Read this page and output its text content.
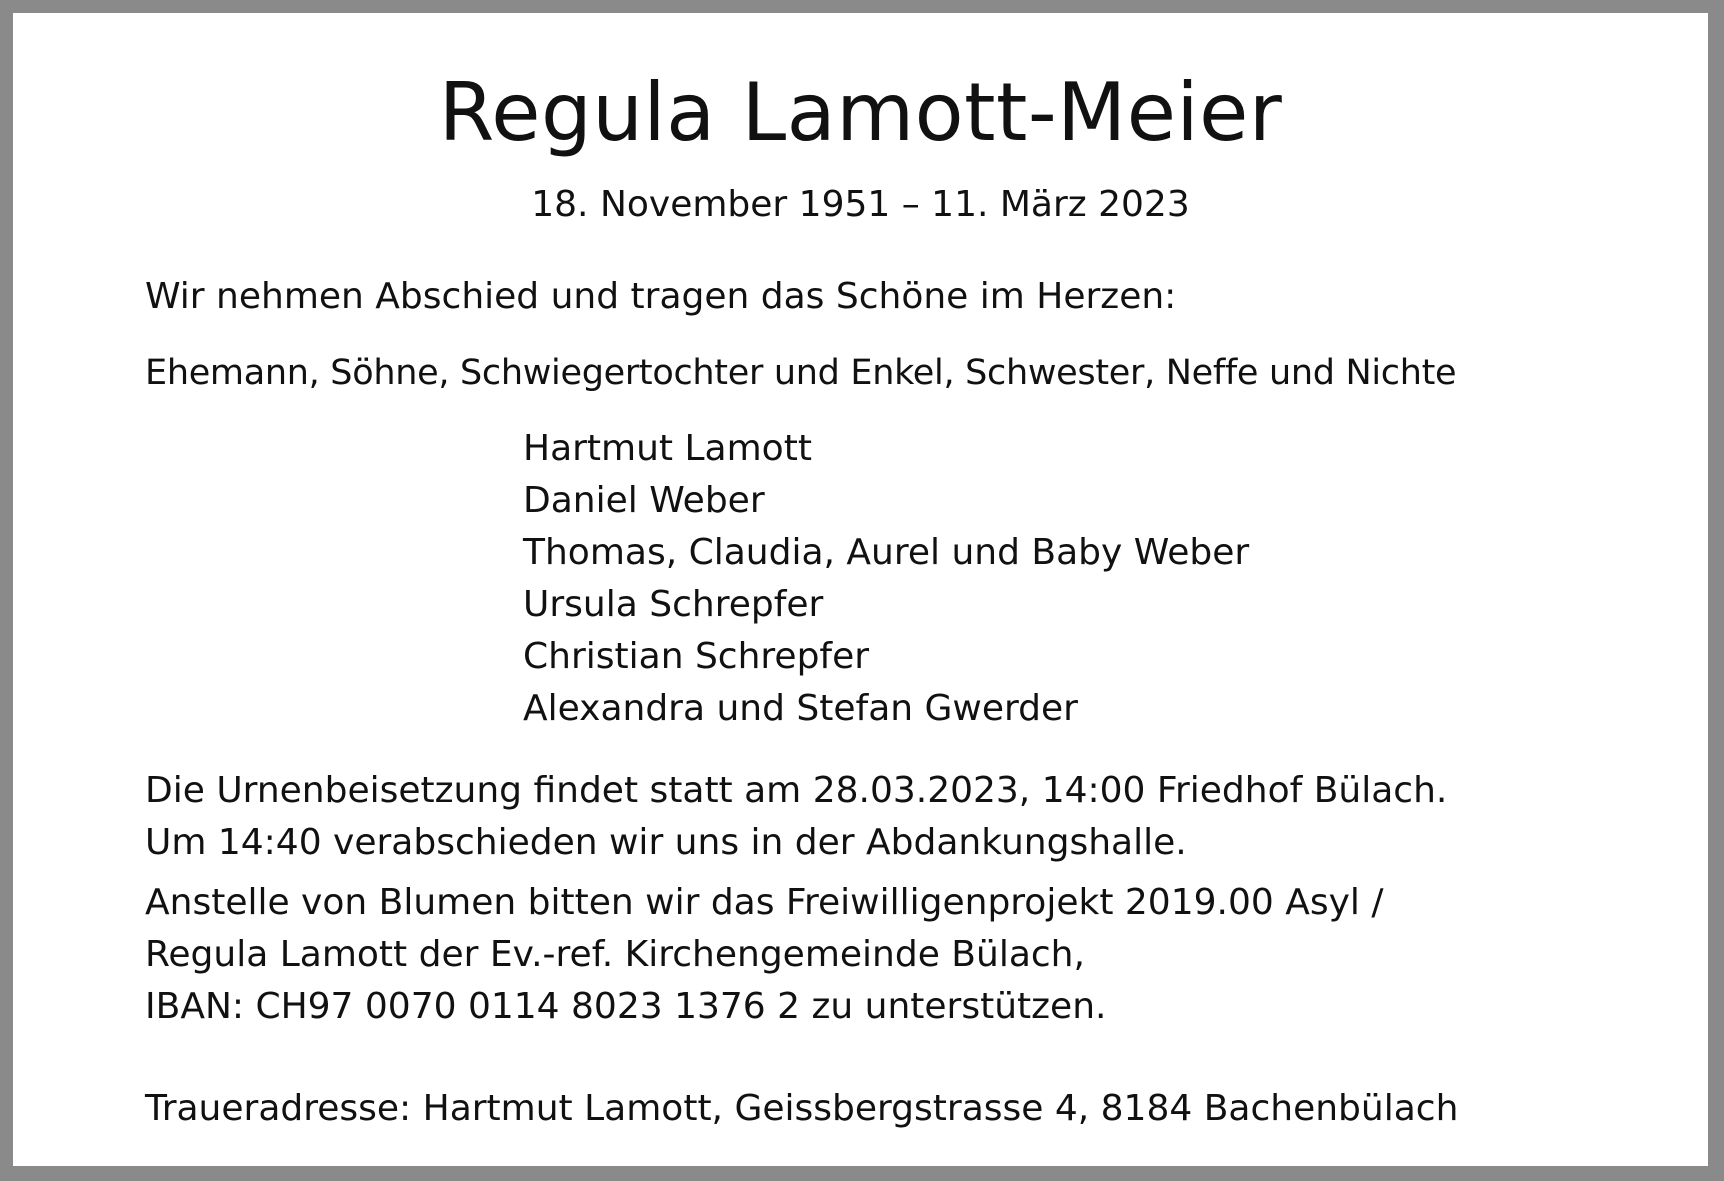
Regula Lamott-Meier
18. November 1951 – 11. März 2023
Wir nehmen Abschied und tragen das Schöne im Herzen:
Ehemann, Söhne, Schwiegertochter und Enkel, Schwester, Neffe und Nichte
Hartmut Lamott
Daniel Weber
Thomas, Claudia, Aurel und Baby Weber
Ursula Schrepfer
Christian Schrepfer
Alexandra und Stefan Gwerder
Die Urnenbeisetzung findet statt am 28.03.2023, 14:00 Friedhof Bülach.
Um 14:40 verabschieden wir uns in der Abdankungshalle.
Anstelle von Blumen bitten wir das Freiwilligenprojekt 2019.00 Asyl /
Regula Lamott der Ev.-ref. Kirchengemeinde Bülach,
IBAN: CH97 0070 0114 8023 1376 2 zu unterstützen.
Traueradresse: Hartmut Lamott, Geissbergstrasse 4, 8184 Bachenbülach
